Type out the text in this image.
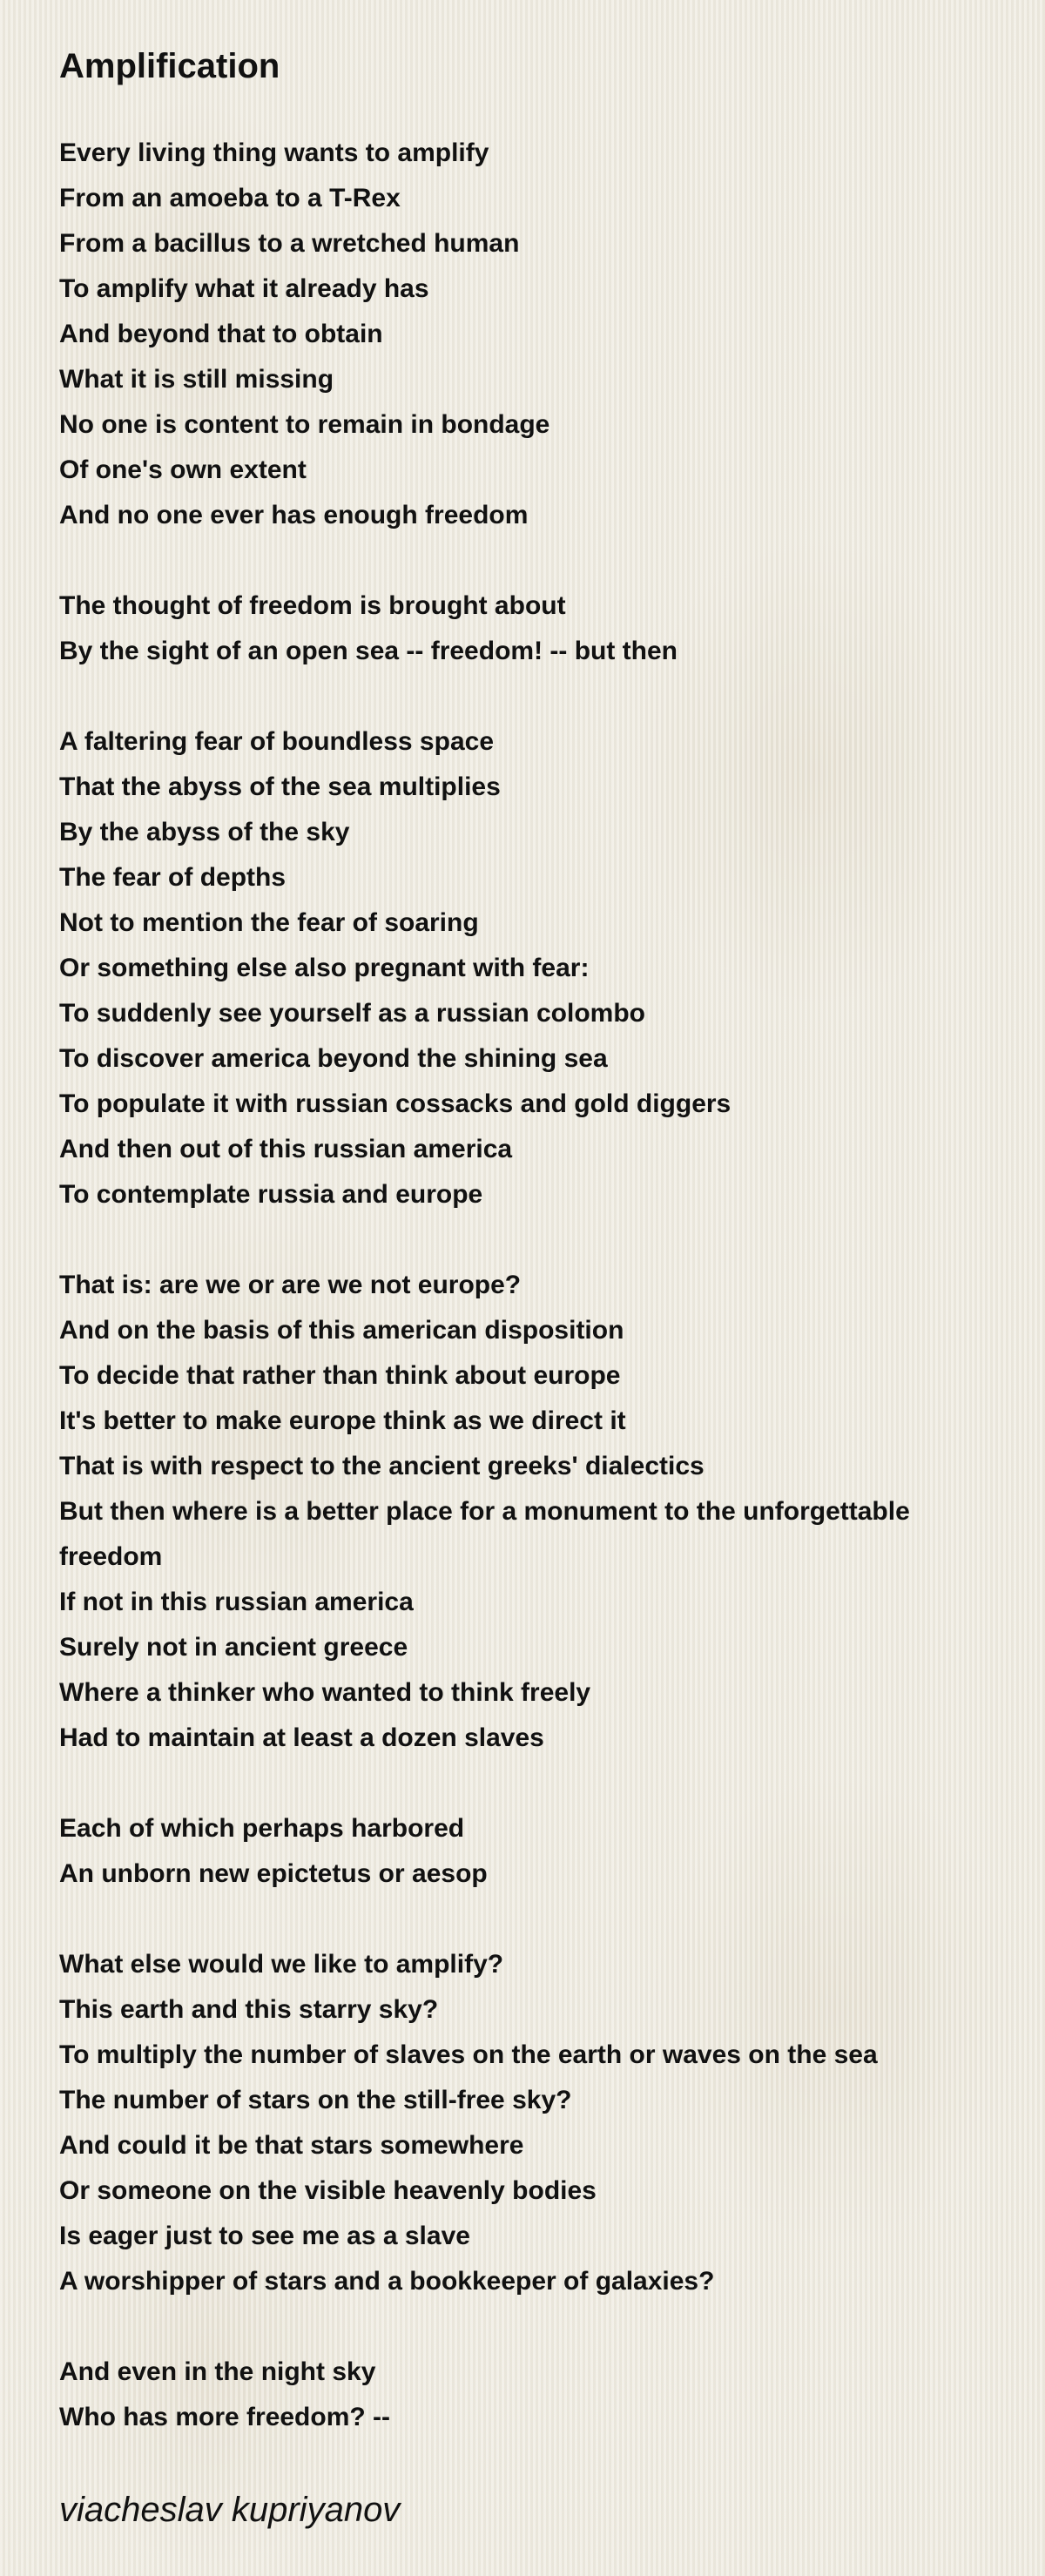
Amplification
Every living thing wants to amplify
From an amoeba to a T-Rex
From a bacillus to a wretched human
To amplify what it already has
And beyond that to obtain
What it is still missing
No one is content to remain in bondage
Of one's own extent
And no one ever has enough freedom
The thought of freedom is brought about
By the sight of an open sea -- freedom! -- but then
A faltering fear of boundless space
That the abyss of the sea multiplies
By the abyss of the sky
The fear of depths
Not to mention the fear of soaring
Or something else also pregnant with fear:
To suddenly see yourself as a russian colombo
To discover america beyond the shining sea
To populate it with russian cossacks and gold diggers
And then out of this russian america
To contemplate russia and europe
That is: are we or are we not europe?
And on the basis of this american disposition
To decide that rather than think about europe
It's better to make europe think as we direct it
That is with respect to the ancient greeks' dialectics
But then where is a better place for a monument to the unforgettable
freedom
If not in this russian america
Surely not in ancient greece
Where a thinker who wanted to think freely
Had to maintain at least a dozen slaves
Each of which perhaps harbored
An unborn new epictetus or aesop
What else would we like to amplify?
This earth and this starry sky?
To multiply the number of slaves on the earth or waves on the sea
The number of stars on the still-free sky?
And could it be that stars somewhere
Or someone on the visible heavenly bodies
Is eager just to see me as a slave
A worshipper of stars and a bookkeeper of galaxies?
And even in the night sky
Who has more freedom? --
viacheslav kupriyanov
